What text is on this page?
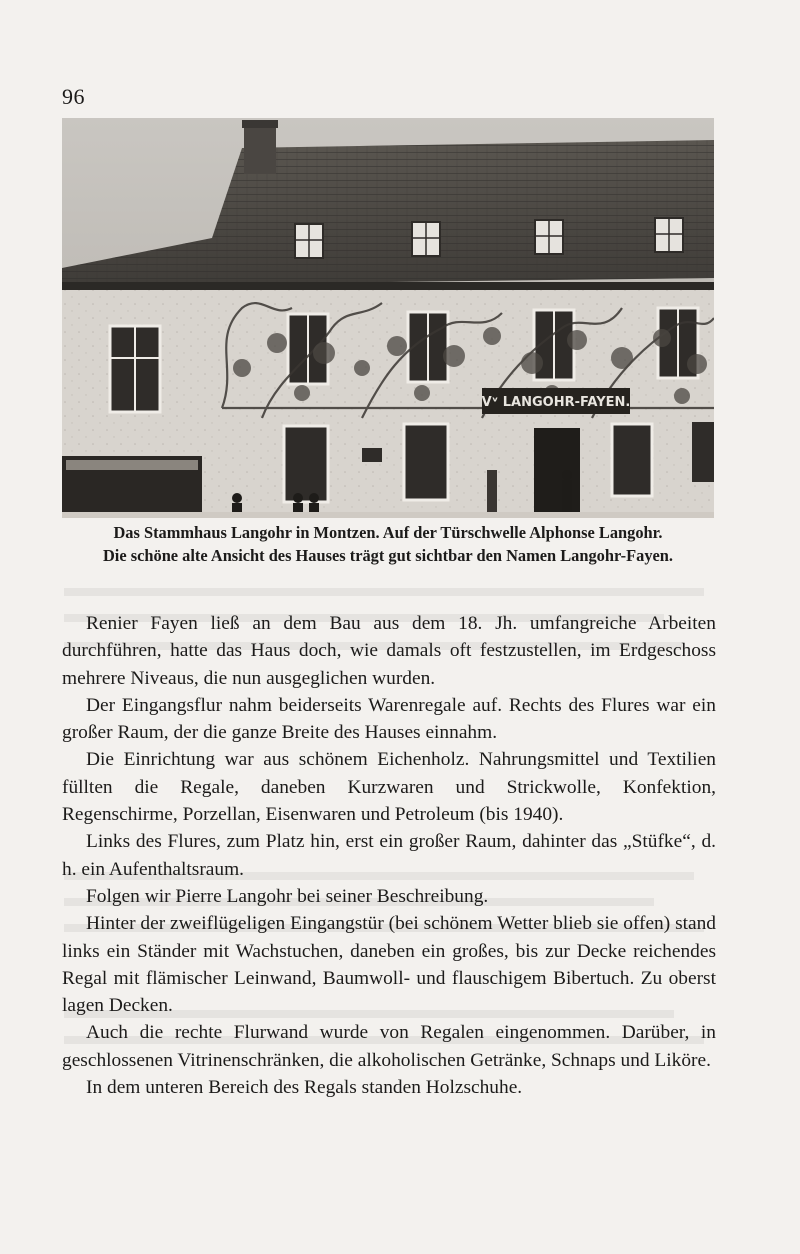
96
Vᵛ LANGOHR-FAYEN.
Das Stammhaus Langohr in Montzen. Auf der Türschwelle Alphonse Langohr.
Die schöne alte Ansicht des Hauses trägt gut sichtbar den Namen Langohr-Fayen.

Renier Fayen ließ an dem Bau aus dem 18. Jh. umfangreiche Arbeiten durchführen, hatte das Haus doch, wie damals oft festzustellen, im Erdgeschoss mehrere Niveaus, die nun ausgeglichen wurden.

Der Eingangsflur nahm beiderseits Warenregale auf. Rechts des Flures war ein großer Raum, der die ganze Breite des Hauses einnahm.

Die Einrichtung war aus schönem Eichenholz. Nahrungsmittel und Textilien füllten die Regale, daneben Kurzwaren und Strickwolle, Konfektion, Regenschirme, Porzellan, Eisenwaren und Petroleum (bis 1940).

Links des Flures, zum Platz hin, erst ein großer Raum, dahinter das „Stüfke“, d. h. ein Aufenthaltsraum.

Folgen wir Pierre Langohr bei seiner Beschreibung.

Hinter der zweiflügeligen Eingangstür (bei schönem Wetter blieb sie offen) stand links ein Ständer mit Wachstuchen, daneben ein großes, bis zur Decke reichendes Regal mit flämischer Leinwand, Baumwoll- und flauschigem Bibertuch. Zu oberst lagen Decken.

Auch die rechte Flurwand wurde von Regalen eingenommen. Darüber, in geschlossenen Vitrinenschränken, die alkoholischen Getränke, Schnaps und Liköre.

In dem unteren Bereich des Regals standen Holzschuhe.
